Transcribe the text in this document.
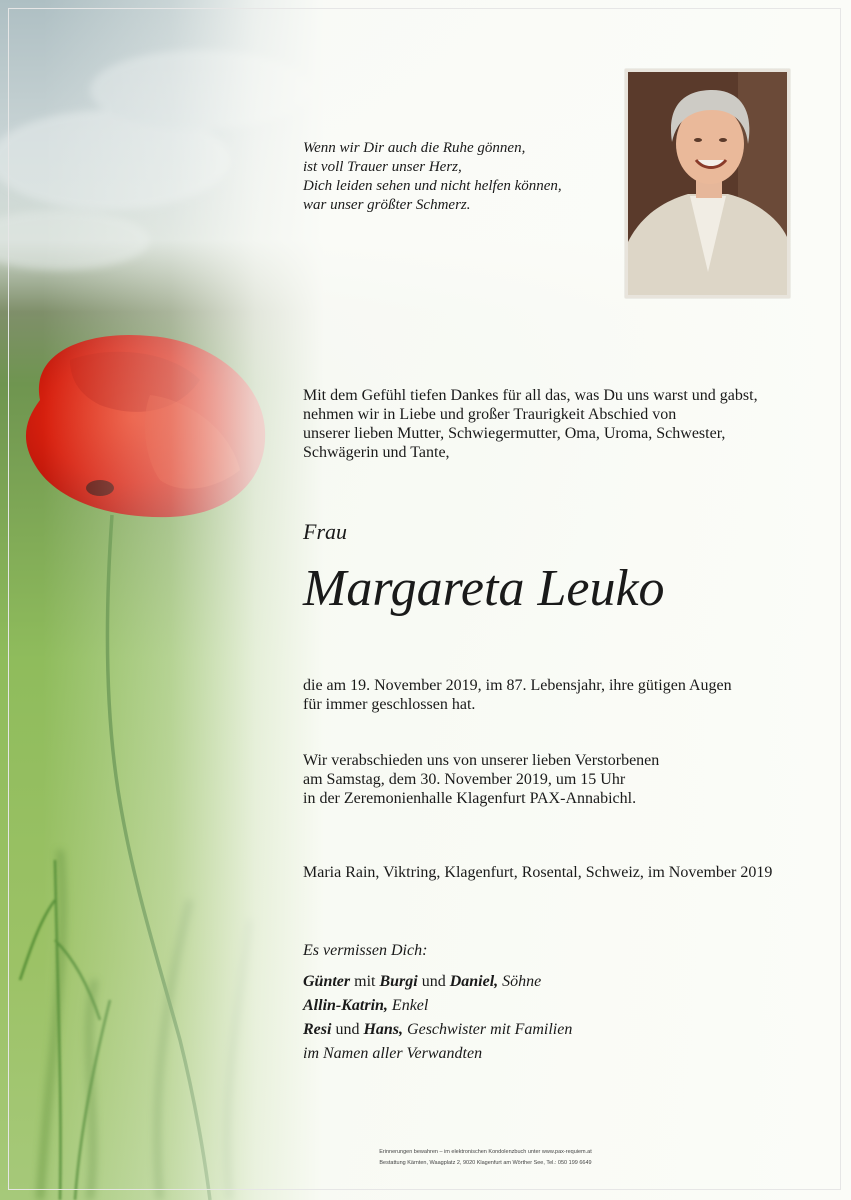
Wenn wir Dir auch die Ruhe gönnen,
ist voll Trauer unser Herz,
Dich leiden sehen und nicht helfen können,
war unser größter Schmerz.
Mit dem Gefühl tiefen Dankes für all das, was Du uns warst und gabst,
nehmen wir in Liebe und großer Traurigkeit Abschied von
unserer lieben Mutter, Schwiegermutter, Oma, Uroma, Schwester,
Schwägerin und Tante,
Frau
Margareta Leuko
die am 19. November 2019, im 87. Lebensjahr, ihre gütigen Augen
für immer geschlossen hat.
Wir verabschieden uns von unserer lieben Verstorbenen
am Samstag, dem 30. November 2019, um 15 Uhr
in der Zeremonienhalle Klagenfurt PAX-Annabichl.
Maria Rain, Viktring, Klagenfurt, Rosental, Schweiz, im November 2019
Es vermissen Dich:
Günter mit Burgi und Daniel, Söhne
Allin-Katrin, Enkel
Resi und Hans, Geschwister mit Familien
im Namen aller Verwandten
Erinnerungen bewahren – im elektronischen Kondolenzbuch unter www.pax-requiem.at
Bestattung Kärnten, Waagplatz 2, 9020 Klagenfurt am Wörther See, Tel.: 050 199 6649
